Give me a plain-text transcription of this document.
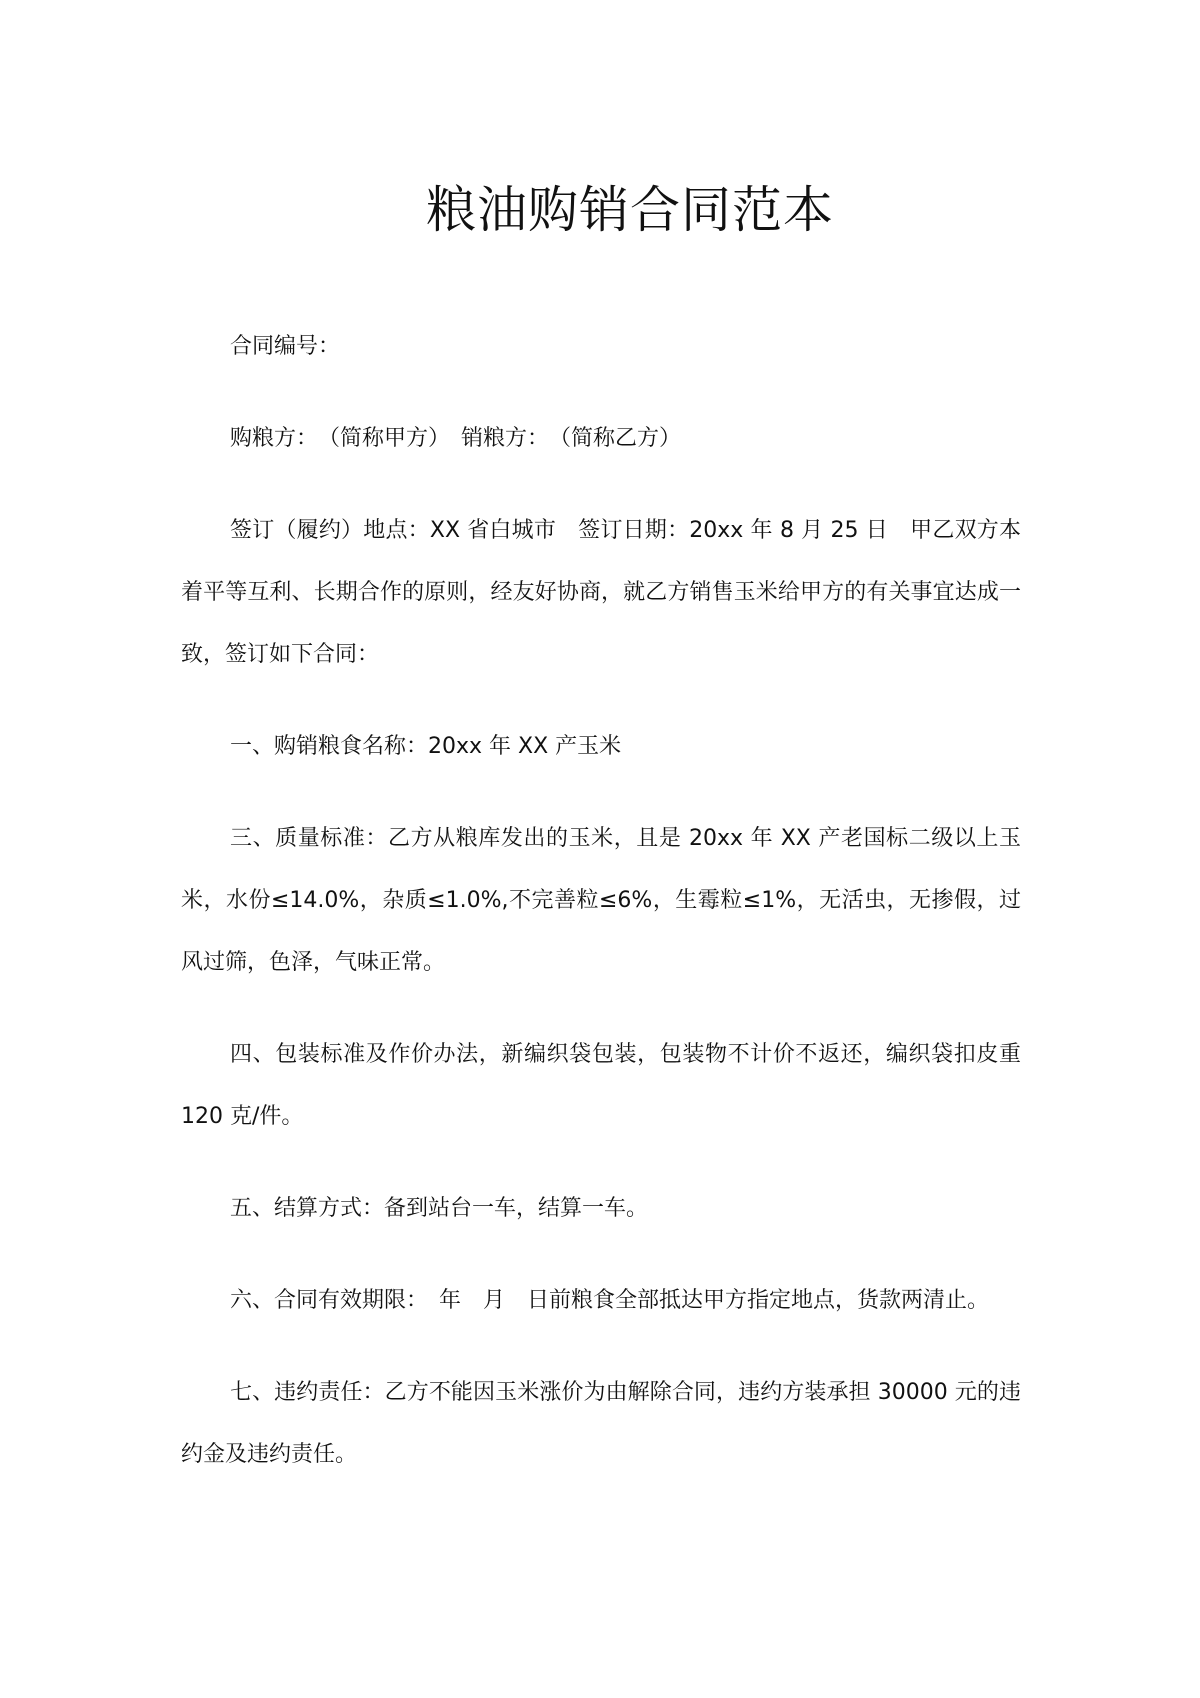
粮油购销合同范本

合同编号：

购粮方：　（简称甲方）　销粮方：　（简称乙方）

签订（履约）地点：XX 省白城市　签订日期：20xx 年 8 月 25 日　甲乙双方本着平等互利、长期合作的原则，经友好协商，就乙方销售玉米给甲方的有关事宜达成一致，签订如下合同：

一、购销粮食名称：20xx 年 XX 产玉米

三、质量标准：乙方从粮库发出的玉米，且是 20xx 年 XX 产老国标二级以上玉米，水份≤14.0%，杂质≤1.0%,不完善粒≤6%，生霉粒≤1%，无活虫，无掺假，过风过筛，色泽，气味正常。

四、包装标准及作价办法，新编织袋包装，包装物不计价不返还，编织袋扣皮重 120 克/件。

五、结算方式：备到站台一车，结算一车。

六、合同有效期限：　年　月　日前粮食全部抵达甲方指定地点，货款两清止。

七、违约责任：乙方不能因玉米涨价为由解除合同，违约方装承担 30000 元的违约金及违约责任。
